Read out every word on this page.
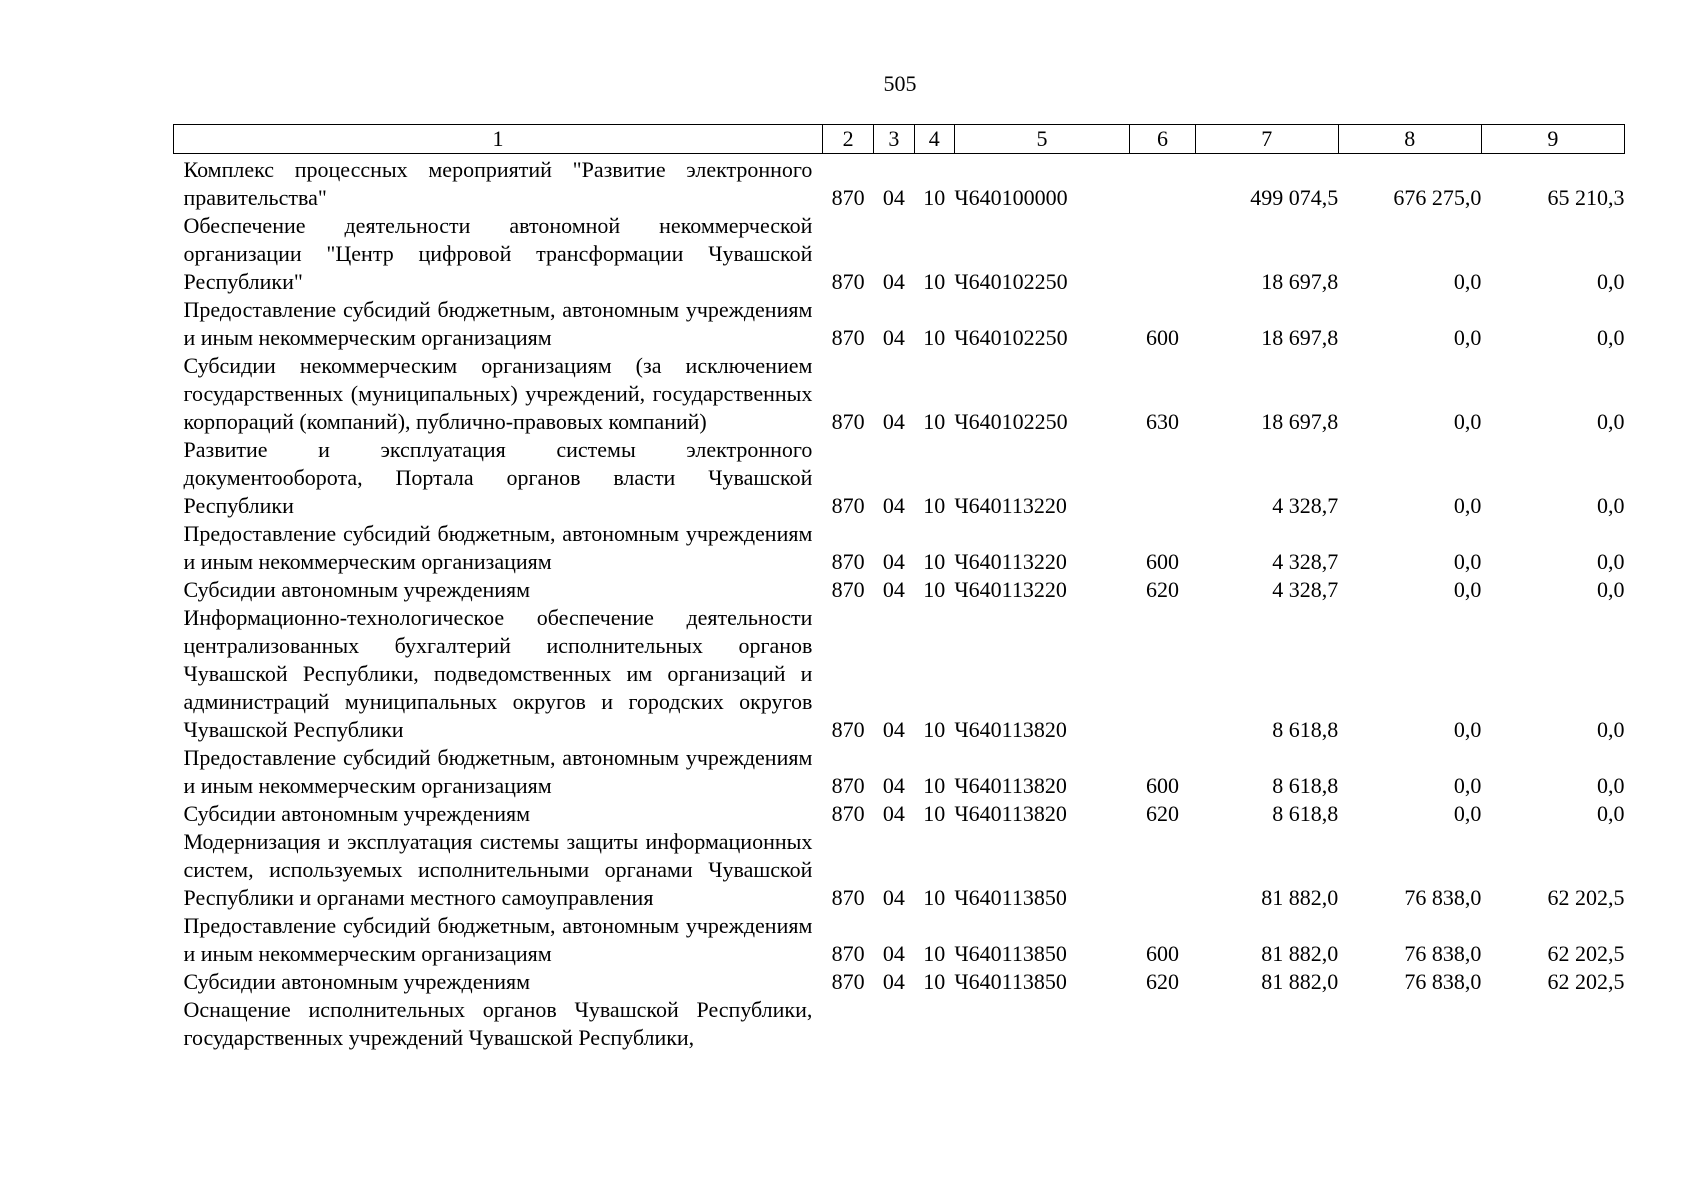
505
1	2	3	4	5	6	7	8	9
Комплекс процессных мероприятий "Развитие электронного правительства"	870	04	10	Ч640100000		499 074,5	676 275,0	65 210,3
Обеспечение деятельности автономной некоммерческой организации "Центр цифровой трансформации Чувашской Республики"	870	04	10	Ч640102250		18 697,8	0,0	0,0
Предоставление субсидий бюджетным, автономным учреждениям и иным некоммерческим организациям	870	04	10	Ч640102250	600	18 697,8	0,0	0,0
Субсидии некоммерческим организациям (за исключением государственных (муниципальных) учреждений, государственных корпораций (компаний), публично-правовых компаний)	870	04	10	Ч640102250	630	18 697,8	0,0	0,0
Развитие и эксплуатация системы электронного документооборота, Портала органов власти Чувашской Республики	870	04	10	Ч640113220		4 328,7	0,0	0,0
Предоставление субсидий бюджетным, автономным учреждениям и иным некоммерческим организациям	870	04	10	Ч640113220	600	4 328,7	0,0	0,0
Субсидии автономным учреждениям	870	04	10	Ч640113220	620	4 328,7	0,0	0,0
Информационно-технологическое обеспечение деятельности централизованных бухгалтерий исполнительных органов Чувашской Республики, подведомственных им организаций и администраций муниципальных округов и городских округов Чувашской Республики	870	04	10	Ч640113820		8 618,8	0,0	0,0
Предоставление субсидий бюджетным, автономным учреждениям и иным некоммерческим организациям	870	04	10	Ч640113820	600	8 618,8	0,0	0,0
Субсидии автономным учреждениям	870	04	10	Ч640113820	620	8 618,8	0,0	0,0
Модернизация и эксплуатация системы защиты информационных систем, используемых исполнительными органами Чувашской Республики и органами местного самоуправления	870	04	10	Ч640113850		81 882,0	76 838,0	62 202,5
Предоставление субсидий бюджетным, автономным учреждениям и иным некоммерческим организациям	870	04	10	Ч640113850	600	81 882,0	76 838,0	62 202,5
Субсидии автономным учреждениям	870	04	10	Ч640113850	620	81 882,0	76 838,0	62 202,5
Оснащение исполнительных органов Чувашской Республики, государственных учреждений Чувашской Республики,								
